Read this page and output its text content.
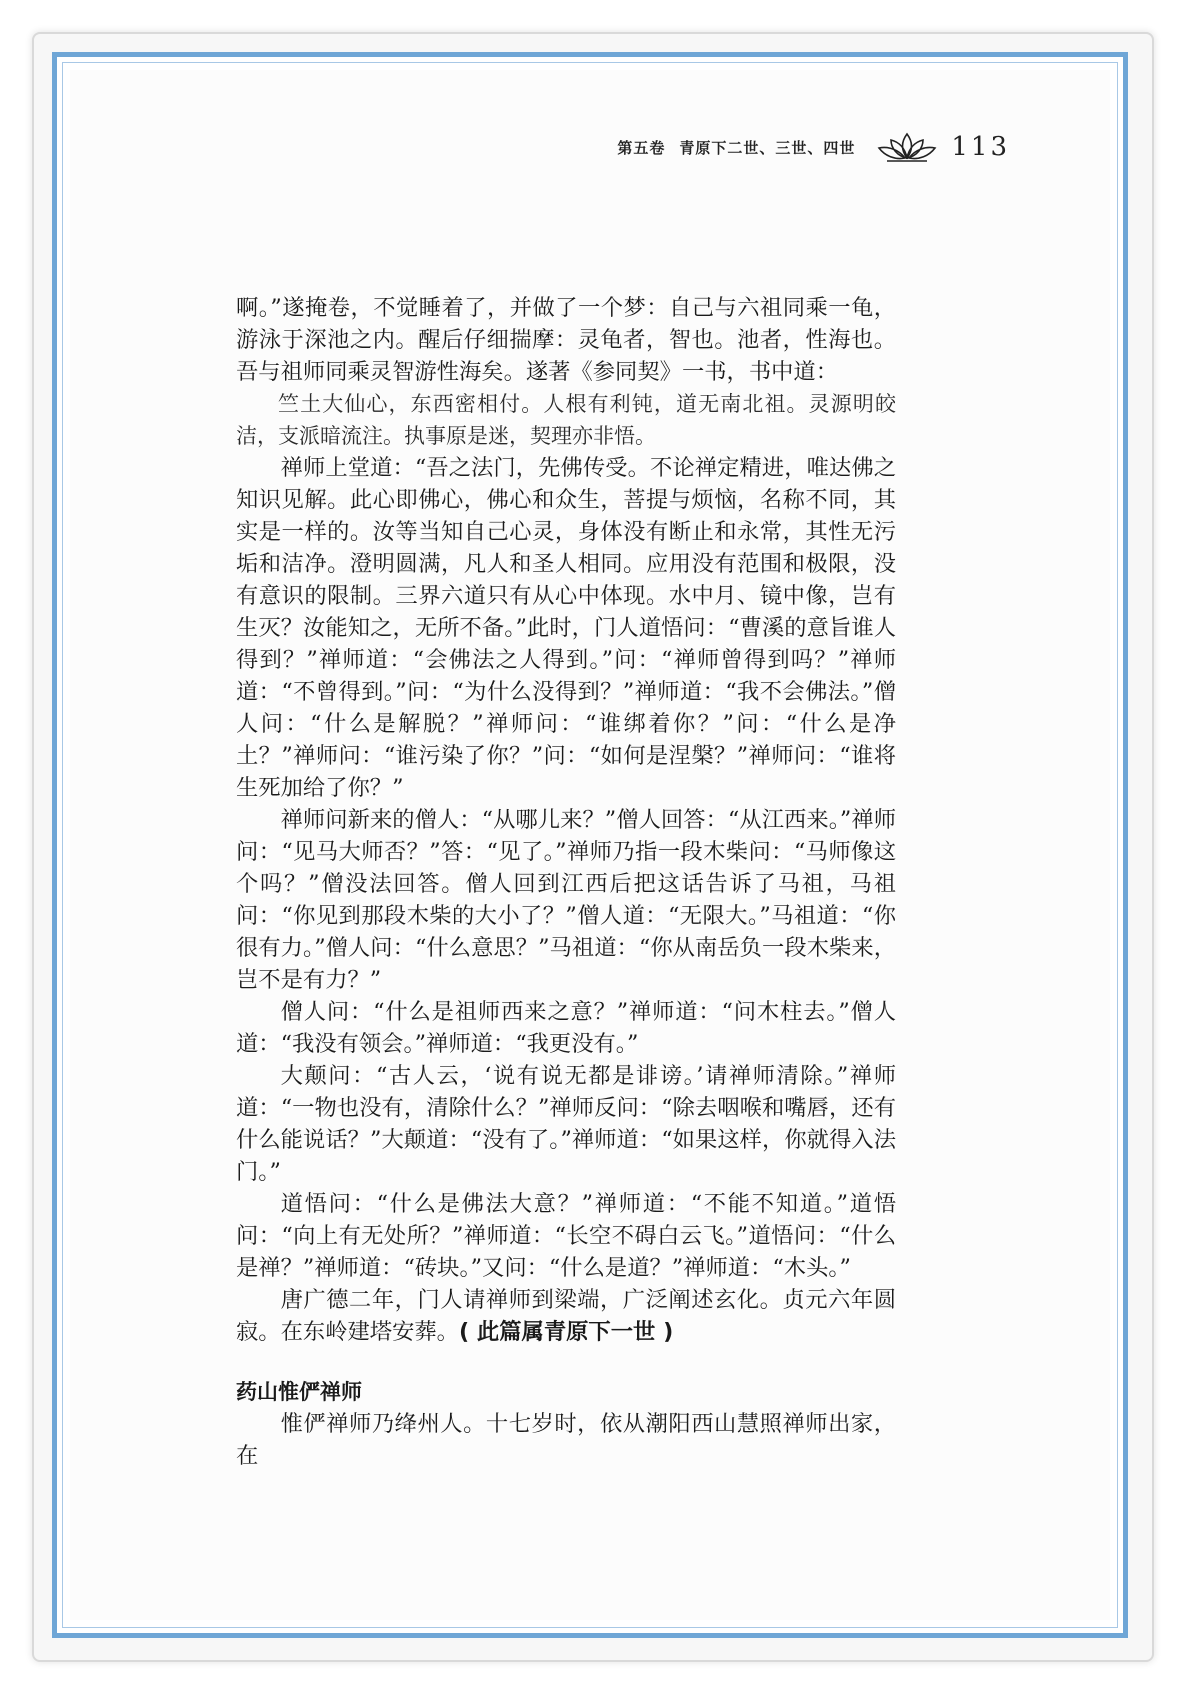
第五卷 青原下二世、三世、四世	113

啊。”遂掩卷，不觉睡着了，并做了一个梦：自己与六祖同乘一龟，游泳于深池之内。醒后仔细揣摩：灵龟者，智也。池者，性海也。吾与祖师同乘灵智游性海矣。遂著《参同契》一书，书中道：

竺土大仙心，东西密相付。人根有利钝，道无南北祖。灵源明皎洁，支派暗流注。执事原是迷，契理亦非悟。

禅师上堂道：“吾之法门，先佛传受。不论禅定精进，唯达佛之知识见解。此心即佛心，佛心和众生，菩提与烦恼，名称不同，其实是一样的。汝等当知自己心灵，身体没有断止和永常，其性无污垢和洁净。澄明圆满，凡人和圣人相同。应用没有范围和极限，没有意识的限制。三界六道只有从心中体现。水中月、镜中像，岂有生灭？汝能知之，无所不备。”此时，门人道悟问：“曹溪的意旨谁人得到？”禅师道：“会佛法之人得到。”问：“禅师曾得到吗？”禅师道：“不曾得到。”问：“为什么没得到？”禅师道：“我不会佛法。”僧人问：“什么是解脱？”禅师问：“谁绑着你？”问：“什么是净土？”禅师问：“谁污染了你？”问：“如何是涅槃？”禅师问：“谁将生死加给了你？”

禅师问新来的僧人：“从哪儿来？”僧人回答：“从江西来。”禅师问：“见马大师否？”答：“见了。”禅师乃指一段木柴问：“马师像这个吗？”僧没法回答。僧人回到江西后把这话告诉了马祖，马祖问：“你见到那段木柴的大小了？”僧人道：“无限大。”马祖道：“你很有力。”僧人问：“什么意思？”马祖道：“你从南岳负一段木柴来，岂不是有力？”

僧人问：“什么是祖师西来之意？”禅师道：“问木柱去。”僧人道：“我没有领会。”禅师道：“我更没有。”

大颠问：“古人云，‘说有说无都是诽谤。’请禅师清除。”禅师道：“一物也没有，清除什么？”禅师反问：“除去咽喉和嘴唇，还有什么能说话？”大颠道：“没有了。”禅师道：“如果这样，你就得入法门。”

道悟问：“什么是佛法大意？”禅师道：“不能不知道。”道悟问：“向上有无处所？”禅师道：“长空不碍白云飞。”道悟问：“什么是禅？”禅师道：“砖块。”又问：“什么是道？”禅师道：“木头。”

唐广德二年，门人请禅师到梁端，广泛阐述玄化。贞元六年圆寂。在东岭建塔安葬。( 此篇属青原下一世 )

药山惟俨禅师

惟俨禅师乃绛州人。十七岁时，依从潮阳西山慧照禅师出家，在
